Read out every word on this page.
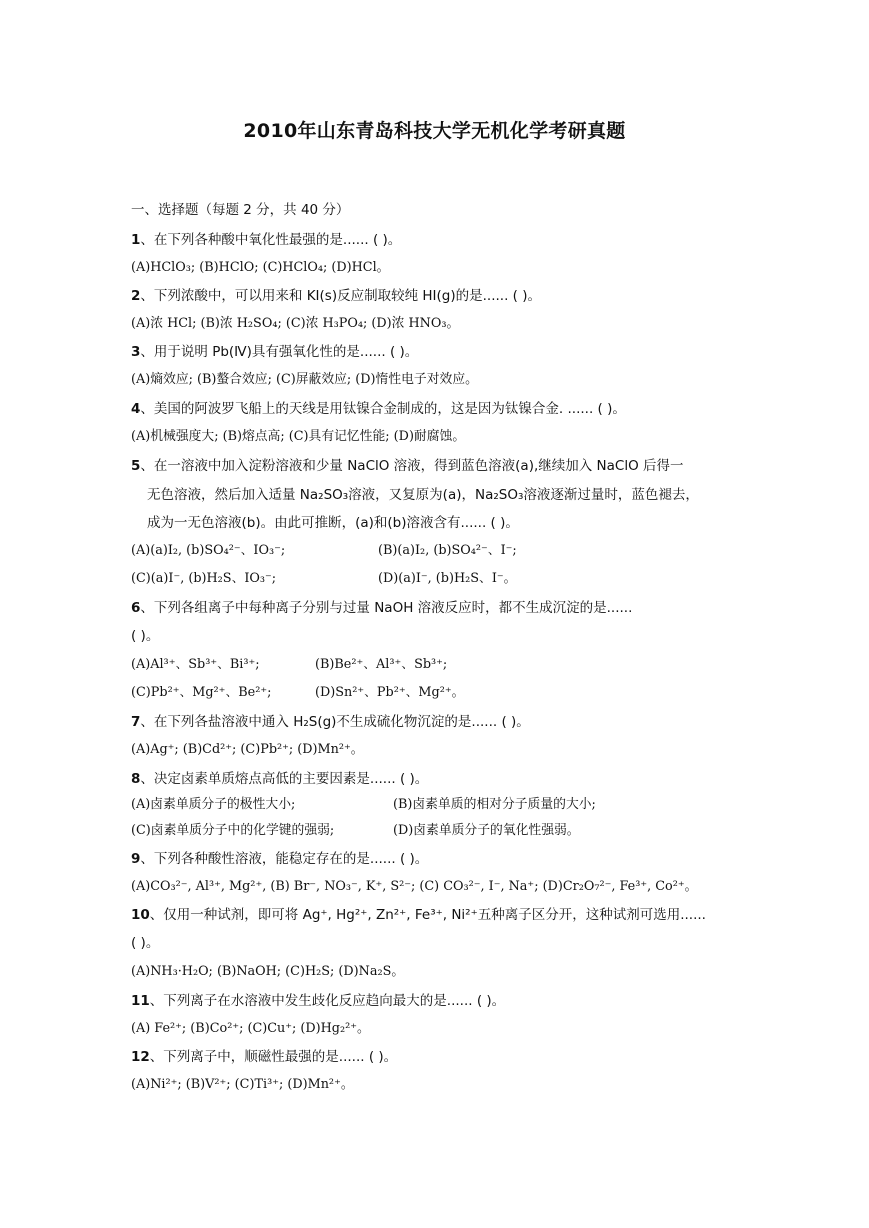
2010年山东青岛科技大学无机化学考研真题
一、选择题（每题 2 分，共 40 分）
1、在下列各种酸中氧化性最强的是...... ( )。
(A)HClO₃; (B)HClO; (C)HClO₄; (D)HCl。
2、下列浓酸中，可以用来和 KI(s)反应制取较纯 HI(g)的是...... ( )。
(A)浓 HCl; (B)浓 H₂SO₄; (C)浓 H₃PO₄; (D)浓 HNO₃。
3、用于说明 Pb(Ⅳ)具有强氧化性的是...... ( )。
(A)熵效应; (B)螯合效应; (C)屏蔽效应; (D)惰性电子对效应。
4、美国的阿波罗飞船上的天线是用钛镍合金制成的，这是因为钛镍合金. ...... ( )。
(A)机械强度大; (B)熔点高; (C)具有记忆性能; (D)耐腐蚀。
5、在一溶液中加入淀粉溶液和少量 NaClO 溶液，得到蓝色溶液(a),继续加入 NaClO 后得一
无色溶液，然后加入适量 Na₂SO₃溶液，又复原为(a)，Na₂SO₃溶液逐渐过量时，蓝色褪去，
成为一无色溶液(b)。由此可推断，(a)和(b)溶液含有...... ( )。
(A)(a)I₂, (b)SO₄²⁻、IO₃⁻;	(B)(a)I₂, (b)SO₄²⁻、I⁻;
(C)(a)I⁻, (b)H₂S、IO₃⁻;	(D)(a)I⁻, (b)H₂S、I⁻。
6、下列各组离子中每种离子分别与过量 NaOH 溶液反应时，都不生成沉淀的是......
( )。
(A)Al³⁺、Sb³⁺、Bi³⁺;	(B)Be²⁺、Al³⁺、Sb³⁺;
(C)Pb²⁺、Mg²⁺、Be²⁺;	(D)Sn²⁺、Pb²⁺、Mg²⁺。
7、在下列各盐溶液中通入 H₂S(g)不生成硫化物沉淀的是...... ( )。
(A)Ag⁺; (B)Cd²⁺; (C)Pb²⁺; (D)Mn²⁺。
8、决定卤素单质熔点高低的主要因素是...... ( )。
(A)卤素单质分子的极性大小;	(B)卤素单质的相对分子质量的大小;
(C)卤素单质分子中的化学键的强弱;	(D)卤素单质分子的氧化性强弱。
9、下列各种酸性溶液，能稳定存在的是...... ( )。
(A)CO₃²⁻, Al³⁺, Mg²⁺, (B) Br⁻, NO₃⁻, K⁺, S²⁻; (C) CO₃²⁻, I⁻, Na⁺; (D)Cr₂O₇²⁻, Fe³⁺, Co²⁺。
10、仅用一种试剂，即可将 Ag⁺, Hg²⁺, Zn²⁺, Fe³⁺, Ni²⁺五种离子区分开，这种试剂可选用......
( )。
(A)NH₃·H₂O; (B)NaOH; (C)H₂S; (D)Na₂S。
11、下列离子在水溶液中发生歧化反应趋向最大的是...... ( )。
(A) Fe²⁺; (B)Co²⁺; (C)Cu⁺; (D)Hg₂²⁺。
12、下列离子中，顺磁性最强的是...... ( )。
(A)Ni²⁺; (B)V²⁺; (C)Ti³⁺; (D)Mn²⁺。
